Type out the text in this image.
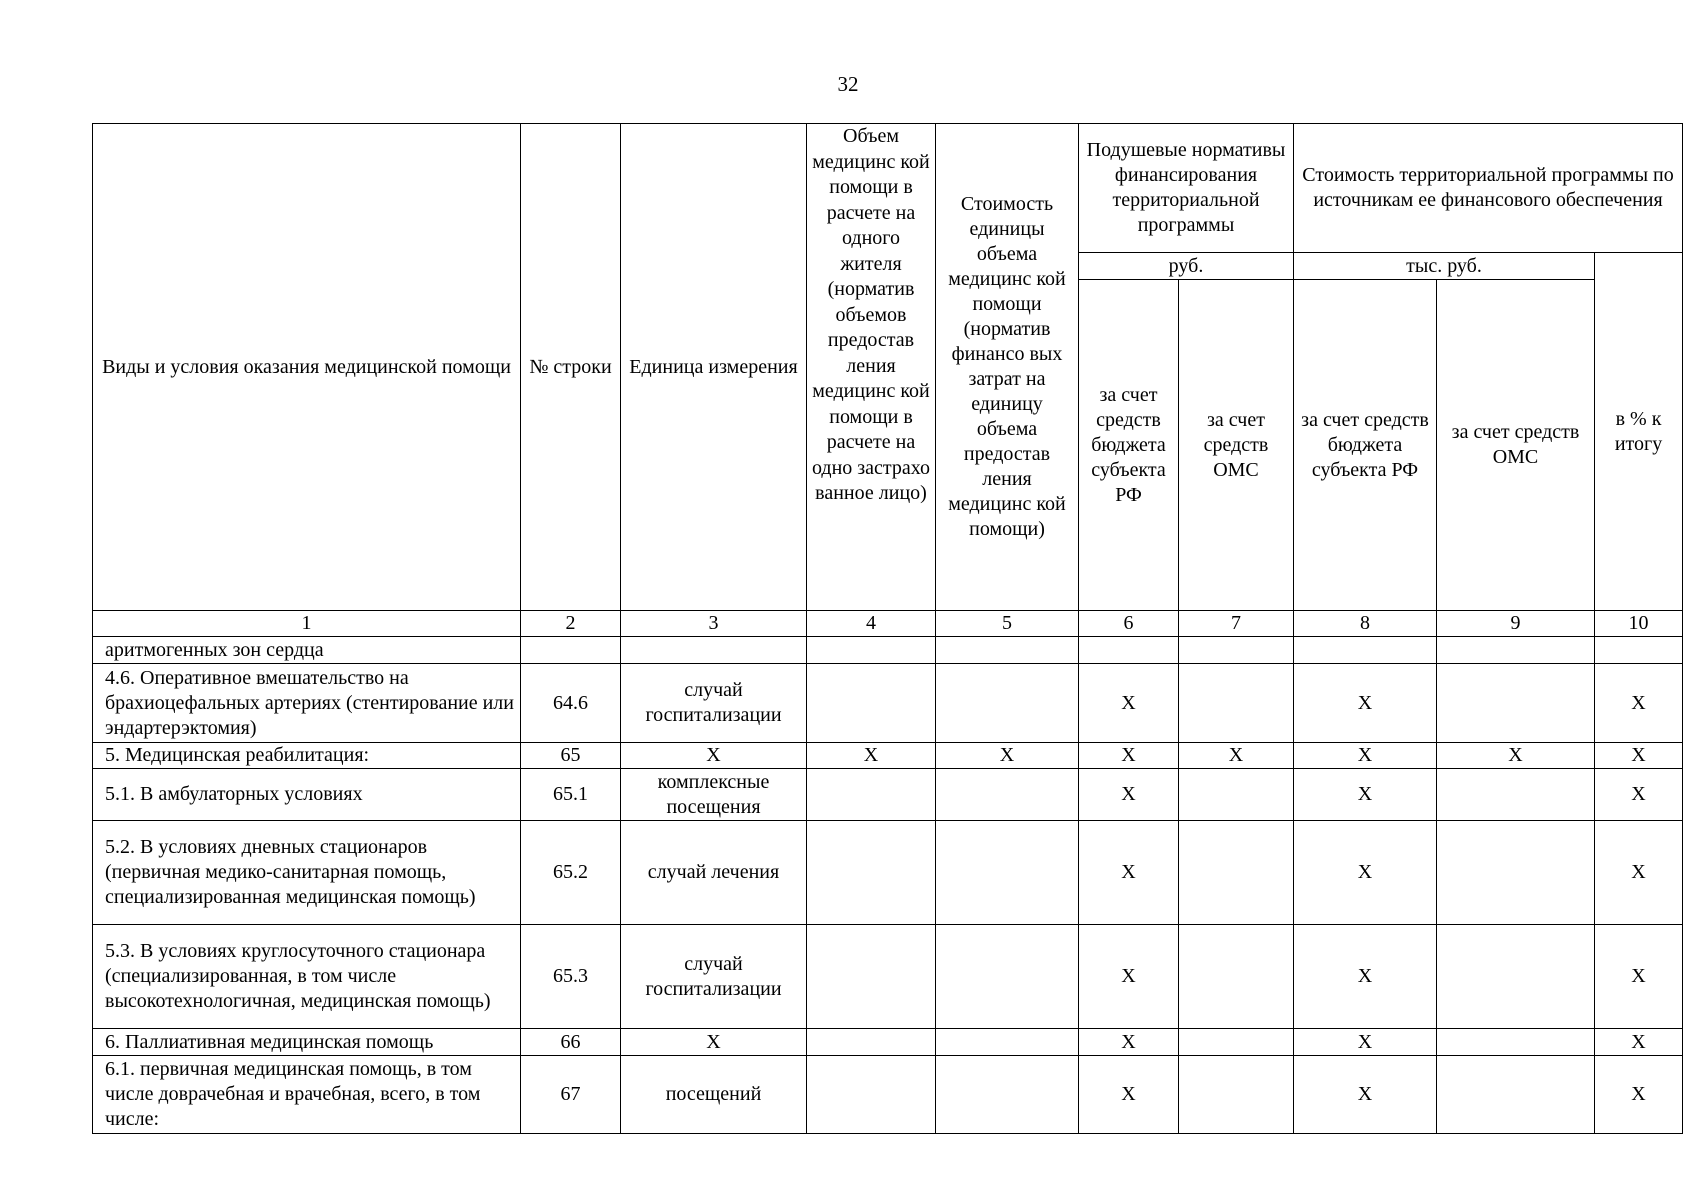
32
Виды и условия оказания медицинской помощи	№ строки	Единица измерения	Объем медицинс кой помощи в расчете на одного жителя (норматив объемов предостав ления медицинс кой помощи в расчете на одно застрахо ванное лицо)	Стоимость единицы объема медицинс кой помощи (норматив финансо вых затрат на единицу объема предостав ления медицинс кой помощи)	Подушевые нормативы финансирования территориальной программы		Стоимость территориальной программы по источникам ее финансового обеспечения		
					руб.		тыс. руб.		в % к итогу
					за счет средств бюджета субъекта РФ	за счет средств ОМС	за счет средств бюджета субъекта РФ	за счет средств ОМС	
1	2	3	4	5	6	7	8	9	10
аритмогенных зон сердца									
4.6. Оперативное вмешательство на брахиоцефальных артериях (стентирование или эндартерэктомия)	64.6	случай госпитализации			X		X		X
5. Медицинская реабилитация:	65	X	X	X	X	X	X	X	X
5.1. В амбулаторных условиях	65.1	комплексные посещения			X		X		X
5.2. В условиях дневных стационаров (первичная медико-санитарная помощь, специализированная медицинская помощь)	65.2	случай лечения			X		X		X
5.3. В условиях круглосуточного стационара (специализированная, в том числе высокотехнологичная, медицинская помощь)	65.3	случай госпитализации			X		X		X
6. Паллиативная медицинская помощь	66	X			X		X		X
6.1. первичная медицинская помощь, в том числе доврачебная и врачебная, всего, в том числе:	67	посещений			X		X		X
